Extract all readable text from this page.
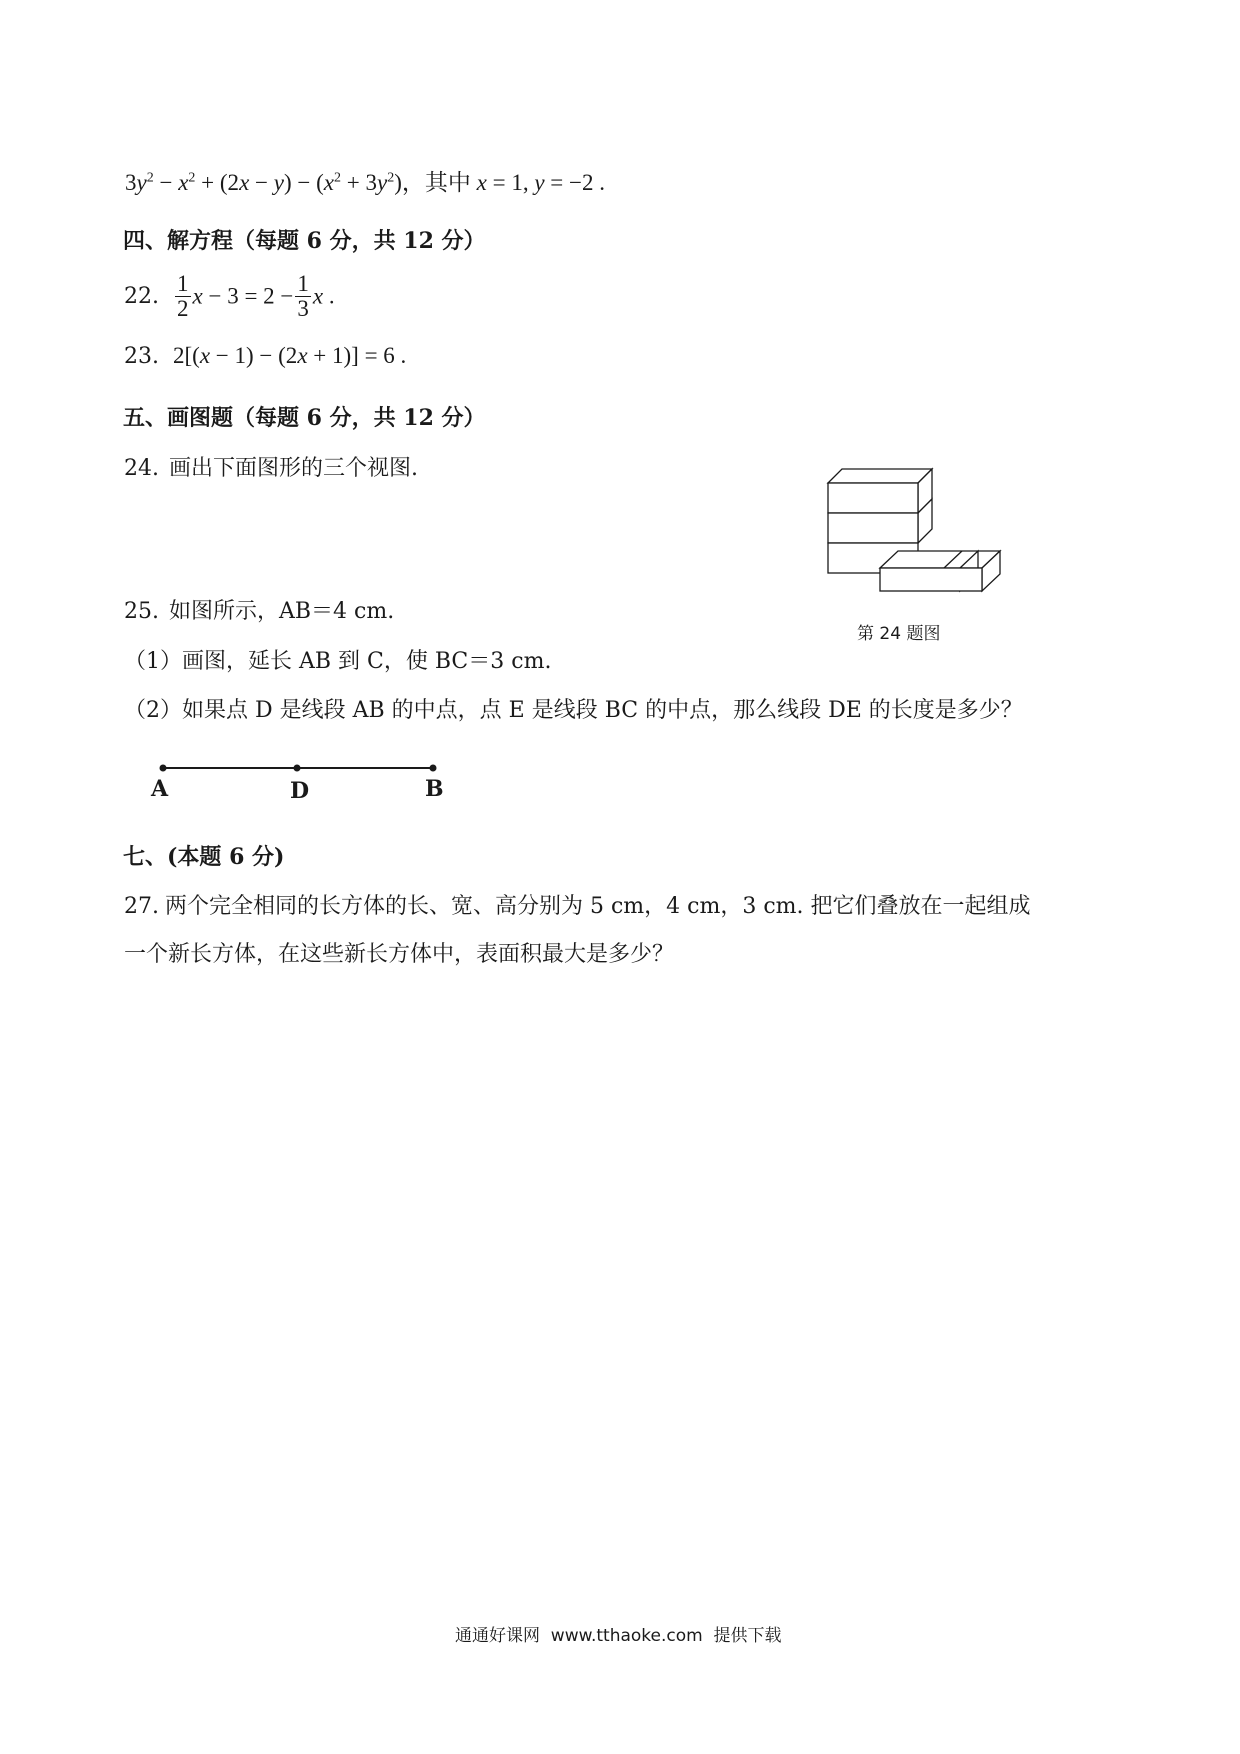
$3y^2 - x^2 + (2x - y) - (x^2 + 3y^2)$，其中 x = 1, y = −2 .
四、解方程（每题 6 分，共 12 分）
22. $\frac{1}{2}$ $x - 3 = 2 - \frac{1}{3}$ x .
23. 2[(x − 1) − (2x + 1)] = 6 .
五、画图题（每题 6 分，共 12 分）
24. 画出下面图形的三个视图.
第 24 题图
25. 如图所示，AB＝4 cm.
（1）画图，延长 AB 到 C，使 BC＝3 cm.
（2）如果点 D 是线段 AB 的中点，点 E 是线段 BC 的中点，那么线段 DE 的长度是多少？
A	D	B
七、(本题 6 分)
27. 两个完全相同的长方体的长、宽、高分别为 5 cm，4 cm，3 cm. 把它们叠放在一起组成
一个新长方体，在这些新长方体中，表面积最大是多少？
通通好课网  www.tthaoke.com  提供下载
